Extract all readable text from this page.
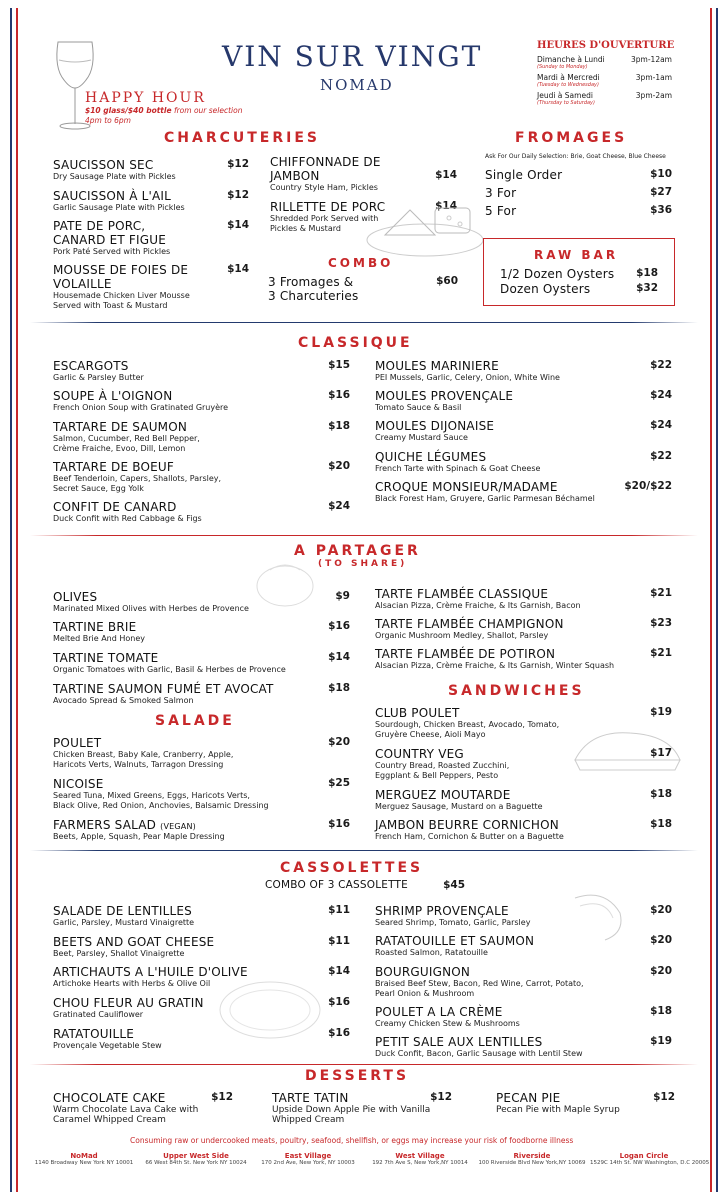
VIN SUR VINGT
NOMAD
HAPPY HOUR
$10 glass/$40 bottle from our selection
4pm to 6pm
HEURES D'OUVERTURE
Dimanche à Lundi
(Sunday to Monday)
3pm-12am
Mardi à Mercredi
(Tuesday to Wednesday)
3pm-1am
Jeudi à Samedi
(Thursday to Saturday)
3pm-2am
CHARCUTERIES
SAUCISSON SEC	$12
Dry Sausage Plate with Pickles
SAUCISSON À L'AIL	$12
Garlic Sausage Plate with Pickles
PATE DE PORC,	$14
CANARD ET FIGUE
Pork Paté Served with Pickles
MOUSSE DE FOIES DE	$14
VOLAILLE
Housemade Chicken Liver Mousse
Served with Toast & Mustard
CHIFFONNADE DE
JAMBON	$14
Country Style Ham, Pickles
RILLETTE DE PORC	$14
Shredded Pork Served with
Pickles & Mustard
COMBO
3 Fromages &	$60
3 Charcuteries
FROMAGES
Ask For Our Daily Selection: Brie, Goat Cheese, Blue Cheese
Single Order	$10
3 For	$27
5 For	$36
RAW BAR
1/2 Dozen Oysters $18
Dozen Oysters	$32
CLASSIQUE
ESCARGOTS	$15
Garlic & Parsley Butter
SOUPE À L'OIGNON	$16
French Onion Soup with Gratinated Gruyère
TARTARE DE SAUMON	$18
Salmon, Cucumber, Red Bell Pepper,
Crème Fraiche, Evoo, Dill, Lemon
TARTARE DE BOEUF	$20
Beef Tenderloin, Capers, Shallots, Parsley,
Secret Sauce, Egg Yolk
CONFIT DE CANARD	$24
Duck Confit with Red Cabbage & Figs
MOULES MARINIERE	$22
PEI Mussels, Garlic, Celery, Onion, White Wine
MOULES PROVENÇALE	$24
Tomato Sauce & Basil
MOULES DIJONAISE	$24
Creamy Mustard Sauce
QUICHE LÉGUMES	$22
French Tarte with Spinach & Goat Cheese
CROQUE MONSIEUR/MADAME	$20/$22
Black Forest Ham, Gruyere, Garlic Parmesan Béchamel
A PARTAGER
(TO SHARE)
OLIVES	$9
Marinated Mixed Olives with Herbes de Provence
TARTINE BRIE	$16
Melted Brie And Honey
TARTINE TOMATE	$14
Organic Tomatoes with Garlic, Basil & Herbes de Provence
TARTINE SAUMON FUMÉ ET AVOCAT	$18
Avocado Spread & Smoked Salmon
TARTE FLAMBÉE CLASSIQUE	$21
Alsacian Pizza, Crème Fraiche, & Its Garnish, Bacon
TARTE FLAMBÉE CHAMPIGNON	$23
Organic Mushroom Medley, Shallot, Parsley
TARTE FLAMBÉE DE POTIRON	$21
Alsacian Pizza, Crème Fraiche, & Its Garnish, Winter Squash
SALADE
POULET	$20
Chicken Breast, Baby Kale, Cranberry, Apple,
Haricots Verts, Walnuts, Tarragon Dressing
NICOISE	$25
Seared Tuna, Mixed Greens, Eggs, Haricots Verts,
Black Olive, Red Onion, Anchovies, Balsamic Dressing
FARMERS SALAD (VEGAN)	$16
Beets, Apple, Squash, Pear Maple Dressing
SANDWICHES
CLUB POULET	$19
Sourdough, Chicken Breast, Avocado, Tomato,
Gruyère Cheese, Aioli Mayo
COUNTRY VEG	$17
Country Bread, Roasted Zucchini,
Eggplant & Bell Peppers, Pesto
MERGUEZ MOUTARDE	$18
Merguez Sausage, Mustard on a Baguette
JAMBON BEURRE CORNICHON	$18
French Ham, Cornichon & Butter on a Baguette
CASSOLETTES
COMBO OF 3 CASSOLETTE	$45
SALADE DE LENTILLES	$11
Garlic, Parsley, Mustard Vinaigrette
BEETS AND GOAT CHEESE	$11
Beet, Parsley, Shallot Vinaigrette
ARTICHAUTS A L'HUILE D'OLIVE	$14
Artichoke Hearts with Herbs & Olive Oil
CHOU FLEUR AU GRATIN	$16
Gratinated Cauliflower
RATATOUILLE	$16
Provençale Vegetable Stew
SHRIMP PROVENÇALE	$20
Seared Shrimp, Tomato, Garlic, Parsley
RATATOUILLE ET SAUMON	$20
Roasted Salmon, Ratatouille
BOURGUIGNON	$20
Braised Beef Stew, Bacon, Red Wine, Carrot, Potato,
Pearl Onion & Mushroom
POULET A LA CRÈME	$18
Creamy Chicken Stew & Mushrooms
PETIT SALE AUX LENTILLES	$19
Duck Confit, Bacon, Garlic Sausage with Lentil Stew
DESSERTS
CHOCOLATE CAKE	$12
Warm Chocolate Lava Cake with
Caramel Whipped Cream
TARTE TATIN	$12
Upside Down Apple Pie with Vanilla
Whipped Cream
PECAN PIE	$12
Pecan Pie with Maple Syrup
Consuming raw or undercooked meats, poultry, seafood, shellfish, or eggs may increase your risk of foodborne illness
NoMad
1140 Broadway New York NY 10001
Upper West Side
66 West 84th St. New York NY 10024
East Village
170 2nd Ave, New York, NY 10003
West Village
192 7th Ave S, New York,NY 10014
Riverside
100 Riverside Blvd New York,NY 10069
Logan Circle
1529C 14th St. NW Washington, D.C 20005
